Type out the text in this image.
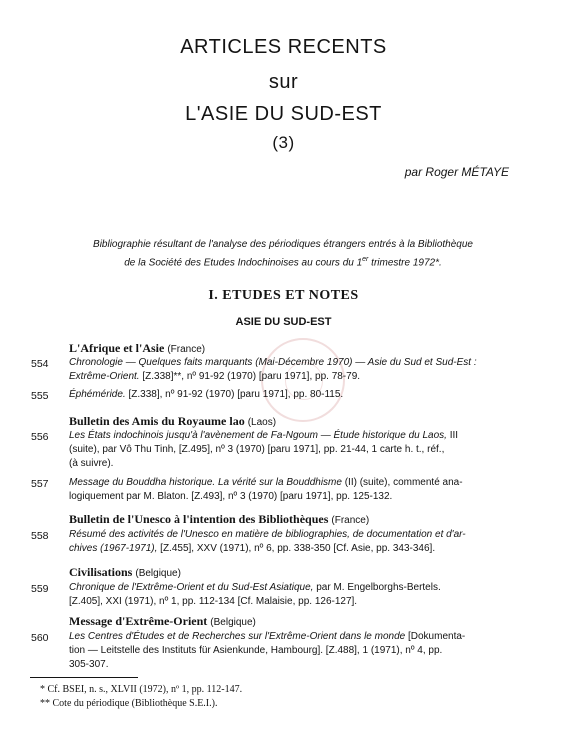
ARTICLES RECENTS
sur
L'ASIE DU SUD-EST
(3)
par Roger MÉTAYE
Bibliographie résultant de l'analyse des périodiques étrangers entrés à la Bibliothèque
de la Société des Etudes Indochinoises au cours du 1er trimestre 1972*.
I. ETUDES ET NOTES
ASIE DU SUD-EST
L'Afrique et l'Asie (France)
554 Chronologie — Quelques faits marquants (Mai-Décembre 1970) — Asie du Sud et Sud-Est :
Extrême-Orient. [Z.338]**, nº 91-92 (1970) [paru 1971], pp. 78-79.
555 Éphéméride. [Z.338], nº 91-92 (1970) [paru 1971], pp. 80-115.
Bulletin des Amis du Royaume lao (Laos)
556 Les États indochinois jusqu'à l'avènement de Fa-Ngoum — Étude historique du Laos, III
(suite), par Vô Thu Tinh, [Z.495], nº 3 (1970) [paru 1971], pp. 21-44, 1 carte h. t., réf.,
(à suivre).
557 Message du Bouddha historique. La vérité sur la Bouddhisme (II) (suite), commenté ana-
logiquement par M. Blaton. [Z.493], nº 3 (1970) [paru 1971], pp. 125-132.
Bulletin de l'Unesco à l'intention des Bibliothèques (France)
558 Résumé des activités de l'Unesco en matière de bibliographies, de documentation et d'ar-
chives (1967-1971), [Z.455], XXV (1971), nº 6, pp. 338-350 [Cf. Asie, pp. 343-346].
Civilisations (Belgique)
559 Chronique de l'Extrême-Orient et du Sud-Est Asiatique, par M. Engelborghs-Bertels.
[Z.405], XXI (1971), nº 1, pp. 112-134 [Cf. Malaisie, pp. 126-127].
Message d'Extrême-Orient (Belgique)
560 Les Centres d'Études et de Recherches sur l'Extrême-Orient dans le monde [Dokumenta-
tion — Leitstelle des Instituts für Asienkunde, Hambourg]. [Z.488], 1 (1971), nº 4, pp.
305-307.
* Cf. BSEI, n. s., XLVII (1972), nº 1, pp. 112-147.
** Cote du périodique (Bibliothèque S.E.I.).
